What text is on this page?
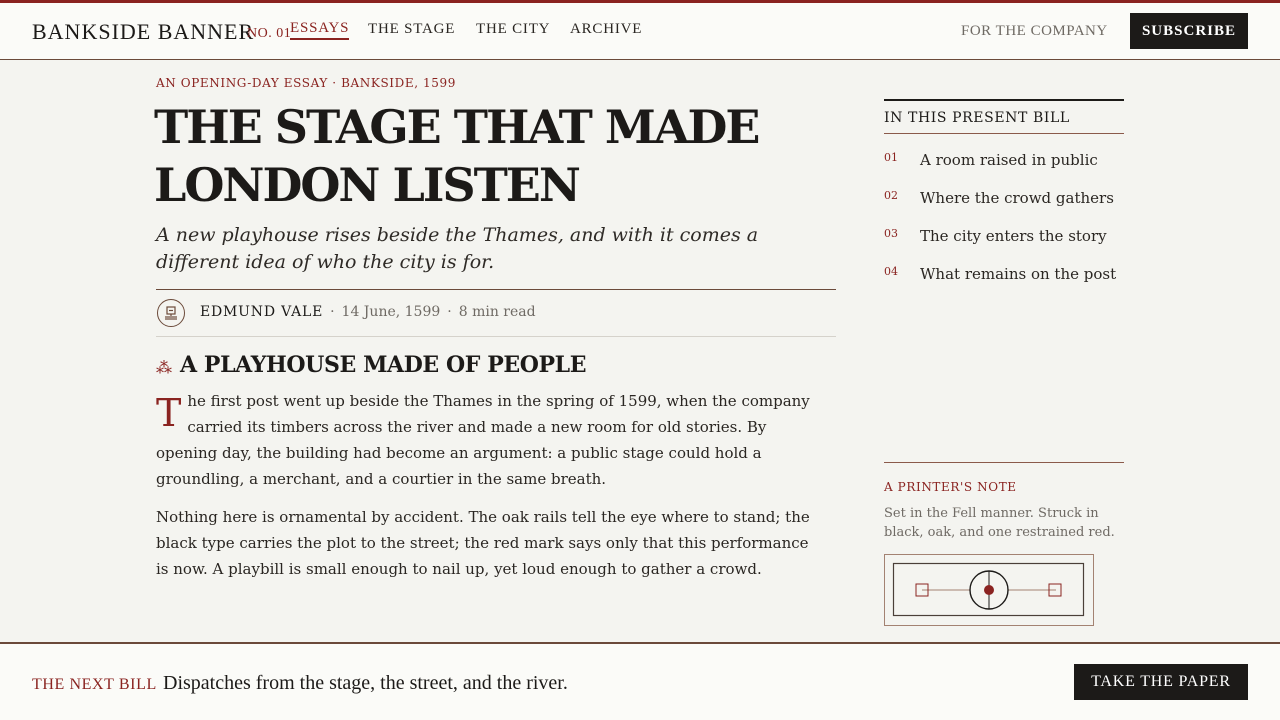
BANKSIDE BANNER
NO. 01
ESSAYS THE STAGE THE CITY ARCHIVE	FOR THE COMPANY	SUBSCRIBE
AN OPENING-DAY ESSAY · BANKSIDE, 1599
THE STAGE THAT MADE LONDON LISTEN

A new playhouse rises beside the Thames, and with it comes a different idea of who the city is for.

EDMUND VALE · 14 June, 1599 · 8 min read
⁂ A PLAYHOUSE MADE OF PEOPLE

The first post went up beside the Thames in the spring of 1599, when the company carried its timbers across the river and made a new room for old stories. By opening day, the building had become an argument: a public stage could hold a groundling, a merchant, and a courtier in the same breath.

Nothing here is ornamental by accident. The oak rails tell the eye where to stand; the black type carries the plot to the street; the red mark says only that this performance is now. A playbill is small enough to nail up, yet loud enough to gather a crowd.

IN THIS PRESENT BILL
01 A room raised in public
02 Where the crowd gathers
03 The city enters the story
04 What remains on the post
A PRINTER'S NOTE
Set in the Fell manner. Struck in black, oak, and one restrained red.
THE NEXT BILL Dispatches from the stage, the street, and the river.	TAKE THE PAPER
